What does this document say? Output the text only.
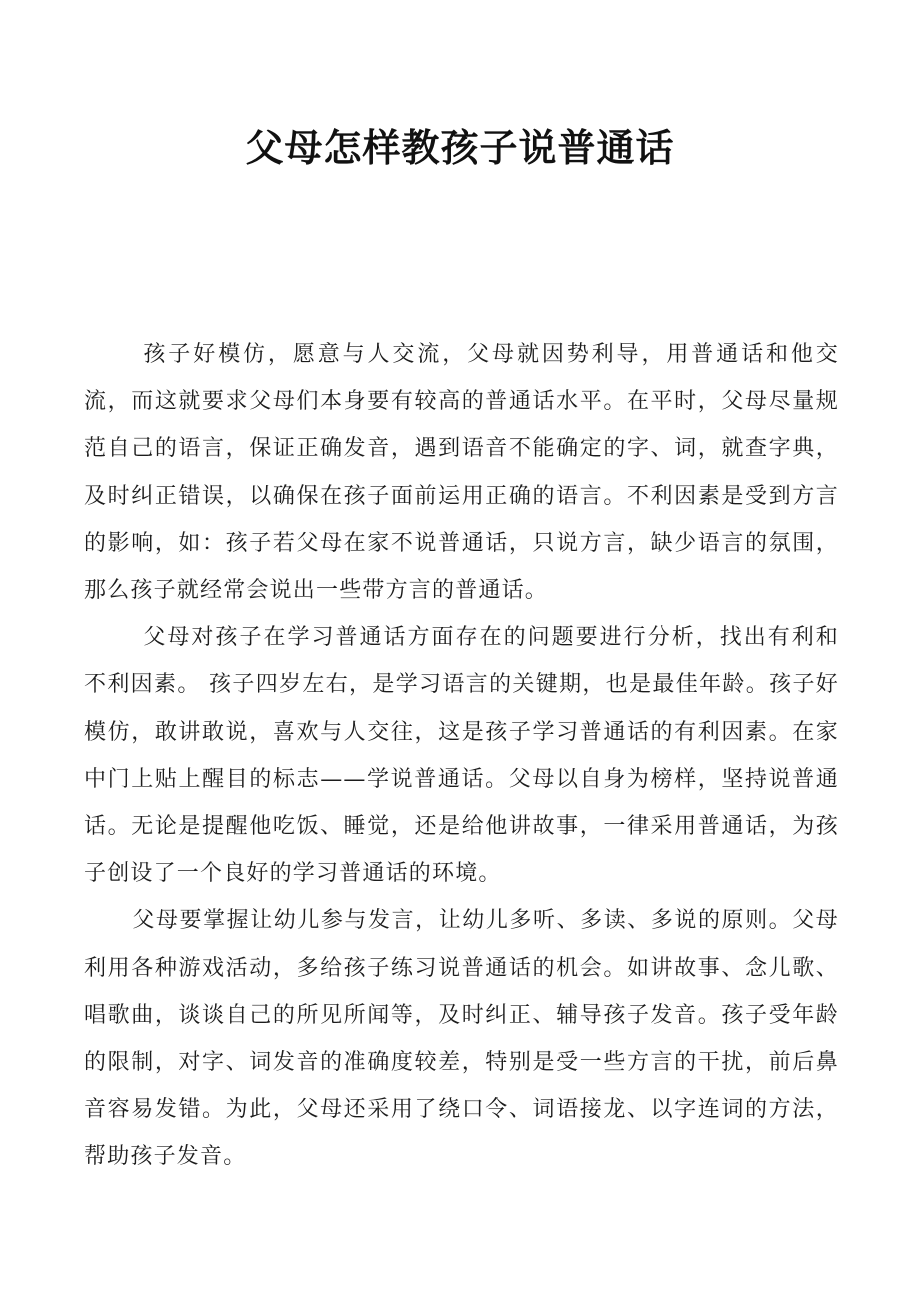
父母怎样教孩子说普通话

孩子好模仿，愿意与人交流，父母就因势利导，用普通话和他交流，而这就要求父母们本身要有较高的普通话水平。在平时，父母尽量规范自己的语言，保证正确发音，遇到语音不能确定的字、词，就查字典，及时纠正错误，以确保在孩子面前运用正确的语言。不利因素是受到方言的影响，如：孩子若父母在家不说普通话，只说方言，缺少语言的氛围，那么孩子就经常会说出一些带方言的普通话。

父母对孩子在学习普通话方面存在的问题要进行分析，找出有利和不利因素。 孩子四岁左右，是学习语言的关键期，也是最佳年龄。孩子好模仿，敢讲敢说，喜欢与人交往，这是孩子学习普通话的有利因素。在家中门上贴上醒目的标志——学说普通话。父母以自身为榜样，坚持说普通话。无论是提醒他吃饭、睡觉，还是给他讲故事，一律采用普通话，为孩子创设了一个良好的学习普通话的环境。

父母要掌握让幼儿参与发言，让幼儿多听、多读、多说的原则。父母利用各种游戏活动，多给孩子练习说普通话的机会。如讲故事、念儿歌、唱歌曲，谈谈自己的所见所闻等，及时纠正、辅导孩子发音。孩子受年龄的限制，对字、词发音的准确度较差，特别是受一些方言的干扰，前后鼻音容易发错。为此，父母还采用了绕口令、词语接龙、以字连词的方法，帮助孩子发音。
